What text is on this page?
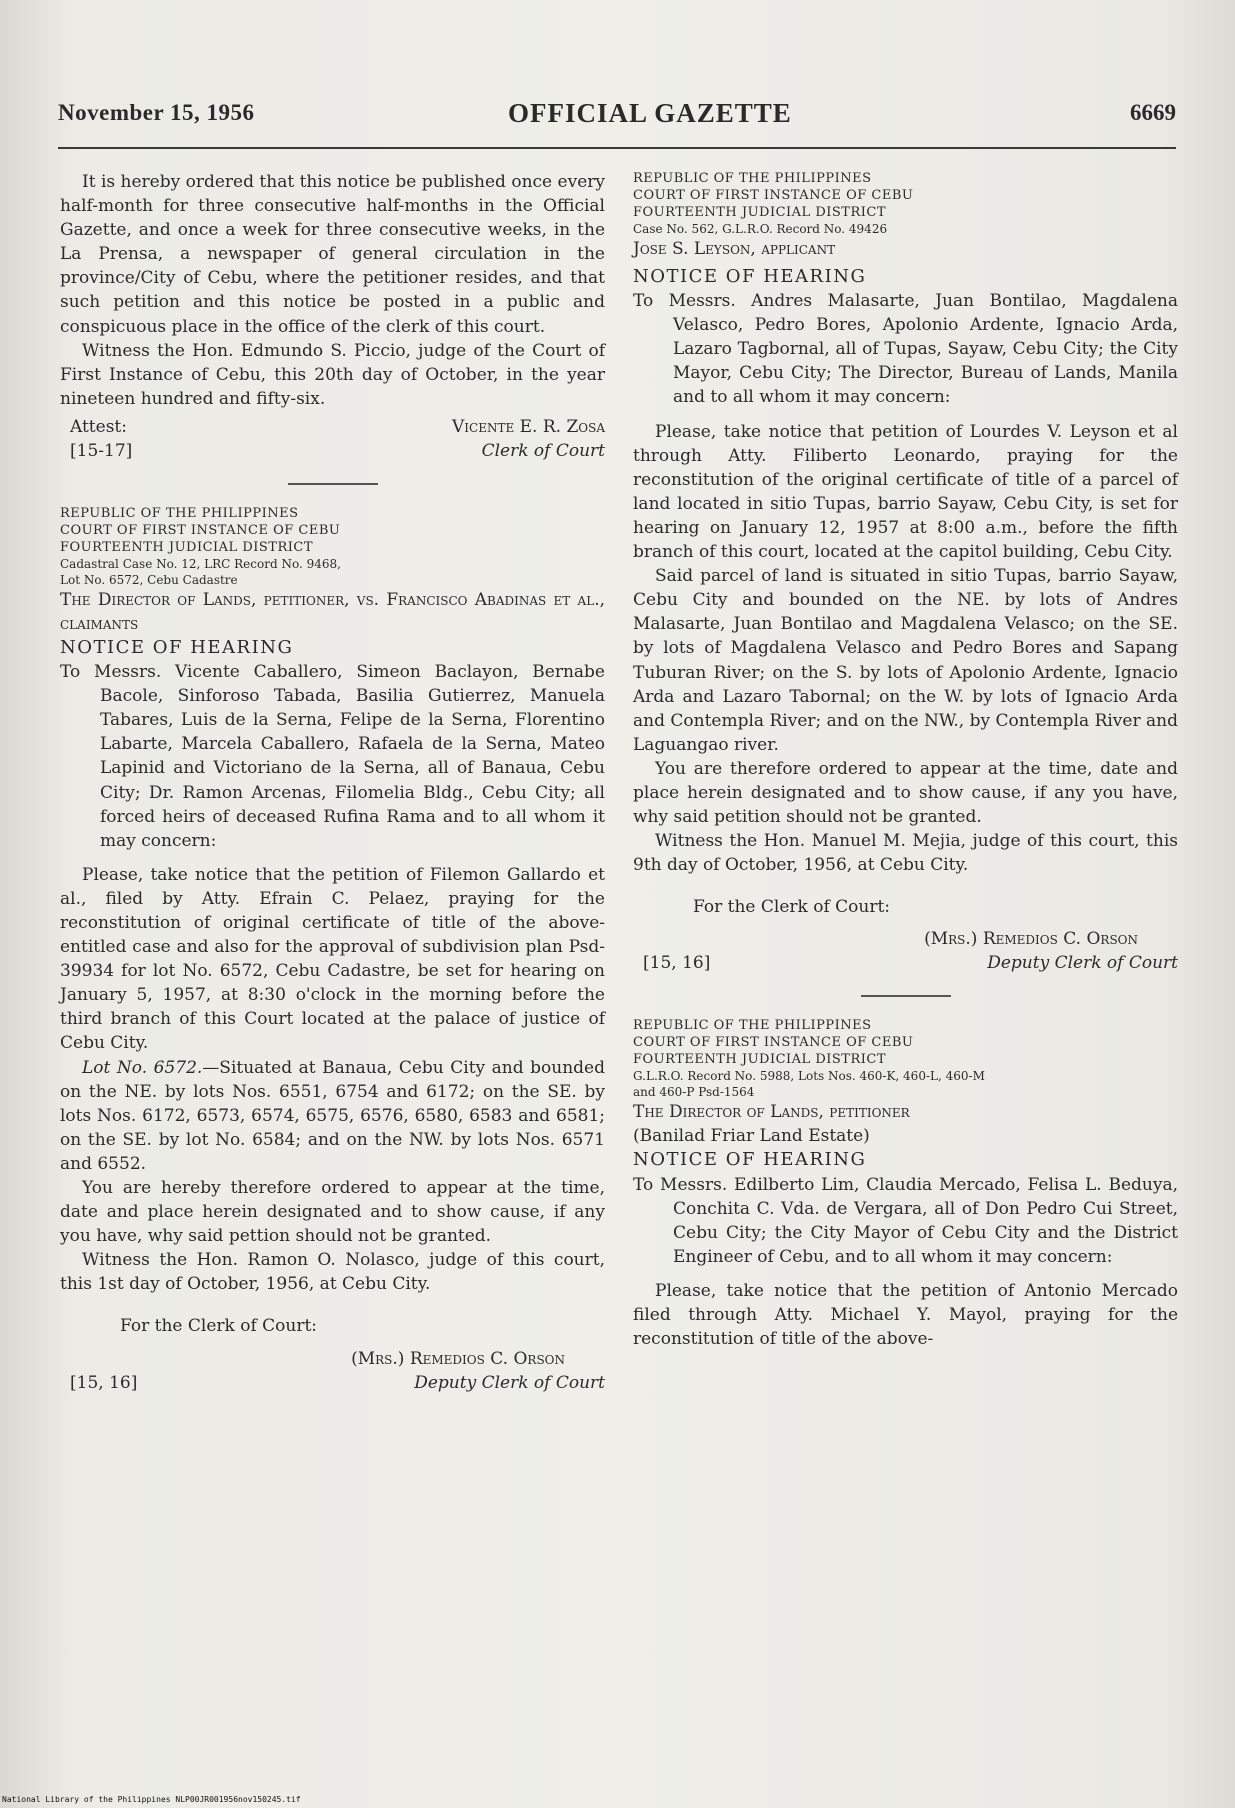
November 15, 1956	OFFICIAL GAZETTE	6669

It is hereby ordered that this notice be published once every half-month for three consecutive half-months in the Official Gazette, and once a week for three consecutive weeks, in the La Prensa, a newspaper of general circulation in the province/City of Cebu, where the petitioner resides, and that such petition and this notice be posted in a public and conspicuous place in the office of the clerk of this court.

Witness the Hon. Edmundo S. Piccio, judge of the Court of First Instance of Cebu, this 20th day of October, in the year nineteen hundred and fifty-six.

Attest:	Vicente E. R. Zosa
[15-17]	Clerk of Court

REPUBLIC OF THE PHILIPPINES

COURT OF FIRST INSTANCE OF CEBU

FOURTEENTH JUDICIAL DISTRICT

Cadastral Case No. 12, LRC Record No. 9468,

Lot No. 6572, Cebu Cadastre

The Director of Lands, petitioner, vs. Francisco Abadinas et al., claimants

NOTICE OF HEARING

To Messrs. Vicente Caballero, Simeon Baclayon, Bernabe Bacole, Sinforoso Tabada, Basilia Gutierrez, Manuela Tabares, Luis de la Serna, Felipe de la Serna, Florentino Labarte, Marcela Caballero, Rafaela de la Serna, Mateo Lapinid and Victoriano de la Serna, all of Banaua, Cebu City; Dr. Ramon Arcenas, Filomelia Bldg., Cebu City; all forced heirs of deceased Rufina Rama and to all whom it may concern:

Please, take notice that the petition of Filemon Gallardo et al., filed by Atty. Efrain C. Pelaez, praying for the reconstitution of original certificate of title of the above-entitled case and also for the approval of subdivision plan Psd-39934 for lot No. 6572, Cebu Cadastre, be set for hearing on January 5, 1957, at 8:30 o'clock in the morning before the third branch of this Court located at the palace of justice of Cebu City.

Lot No. 6572.—Situated at Banaua, Cebu City and bounded on the NE. by lots Nos. 6551, 6754 and 6172; on the SE. by lots Nos. 6172, 6573, 6574, 6575, 6576, 6580, 6583 and 6581; on the SE. by lot No. 6584; and on the NW. by lots Nos. 6571 and 6552.

You are hereby therefore ordered to appear at the time, date and place herein designated and to show cause, if any you have, why said pettion should not be granted.

Witness the Hon. Ramon O. Nolasco, judge of this court, this 1st day of October, 1956, at Cebu City.

For the Clerk of Court:

(Mrs.) Remedios C. Orson
[15, 16]	Deputy Clerk of Court

REPUBLIC OF THE PHILIPPINES

COURT OF FIRST INSTANCE OF CEBU

FOURTEENTH JUDICIAL DISTRICT

Case No. 562, G.L.R.O. Record No. 49426

Jose S. Leyson, applicant

NOTICE OF HEARING

To Messrs. Andres Malasarte, Juan Bontilao, Magdalena Velasco, Pedro Bores, Apolonio Ardente, Ignacio Arda, Lazaro Tagbornal, all of Tupas, Sayaw, Cebu City; the City Mayor, Cebu City; The Director, Bureau of Lands, Manila and to all whom it may concern:

Please, take notice that petition of Lourdes V. Leyson et al through Atty. Filiberto Leonardo, praying for the reconstitution of the original certificate of title of a parcel of land located in sitio Tupas, barrio Sayaw, Cebu City, is set for hearing on January 12, 1957 at 8:00 a.m., before the fifth branch of this court, located at the capitol building, Cebu City.

Said parcel of land is situated in sitio Tupas, barrio Sayaw, Cebu City and bounded on the NE. by lots of Andres Malasarte, Juan Bontilao and Magdalena Velasco; on the SE. by lots of Magdalena Velasco and Pedro Bores and Sapang Tuburan River; on the S. by lots of Apolonio Ardente, Ignacio Arda and Lazaro Tabornal; on the W. by lots of Ignacio Arda and Contempla River; and on the NW., by Contempla River and Laguangao river.

You are therefore ordered to appear at the time, date and place herein designated and to show cause, if any you have, why said petition should not be granted.

Witness the Hon. Manuel M. Mejia, judge of this court, this 9th day of October, 1956, at Cebu City.

For the Clerk of Court:

(Mrs.) Remedios C. Orson
[15, 16]	Deputy Clerk of Court

REPUBLIC OF THE PHILIPPINES

COURT OF FIRST INSTANCE OF CEBU

FOURTEENTH JUDICIAL DISTRICT

G.L.R.O. Record No. 5988, Lots Nos. 460-K, 460-L, 460-M

and 460-P Psd-1564

The Director of Lands, petitioner

(Banilad Friar Land Estate)

NOTICE OF HEARING

To Messrs. Edilberto Lim, Claudia Mercado, Felisa L. Beduya, Conchita C. Vda. de Vergara, all of Don Pedro Cui Street, Cebu City; the City Mayor of Cebu City and the District Engineer of Cebu, and to all whom it may concern:

Please, take notice that the petition of Antonio Mercado filed through Atty. Michael Y. Mayol, praying for the reconstitution of title of the above-

National Library of the Philippines NLP00JR001956nov150245.tif
